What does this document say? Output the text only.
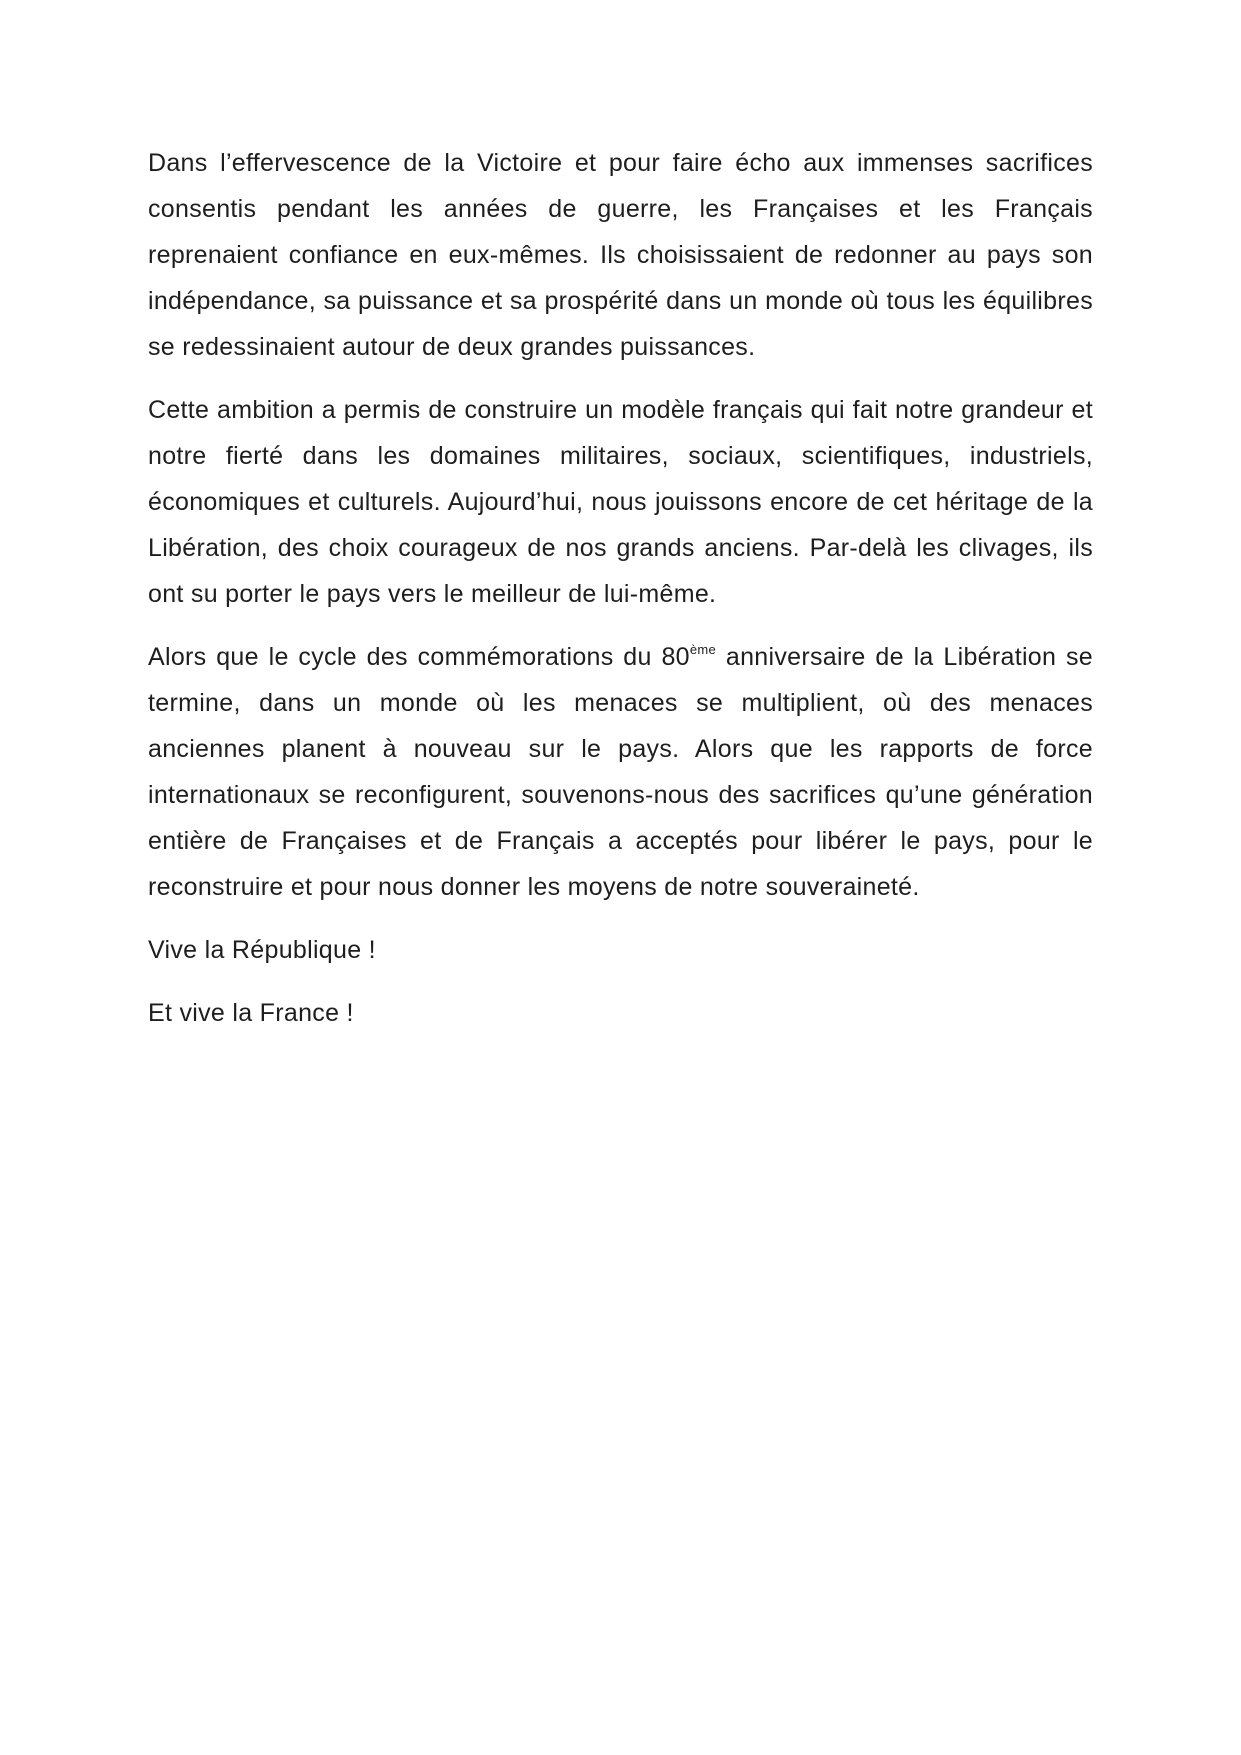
Dans l’effervescence de la Victoire et pour faire écho aux immenses sacrifices consentis pendant les années de guerre, les Françaises et les Français reprenaient confiance en eux-mêmes. Ils choisissaient de redonner au pays son indépendance, sa puissance et sa prospérité dans un monde où tous les équilibres se redessinaient autour de deux grandes puissances.

Cette ambition a permis de construire un modèle français qui fait notre grandeur et notre fierté dans les domaines militaires, sociaux, scientifiques, industriels, économiques et culturels. Aujourd’hui, nous jouissons encore de cet héritage de la Libération, des choix courageux de nos grands anciens. Par-delà les clivages, ils ont su porter le pays vers le meilleur de lui-même.

Alors que le cycle des commémorations du 80ème anniversaire de la Libération se termine, dans un monde où les menaces se multiplient, où des menaces anciennes planent à nouveau sur le pays. Alors que les rapports de force internationaux se reconfigurent, souvenons-nous des sacrifices qu’une génération entière de Françaises et de Français a acceptés pour libérer le pays, pour le reconstruire et pour nous donner les moyens de notre souveraineté.

Vive la République !

Et vive la France !
